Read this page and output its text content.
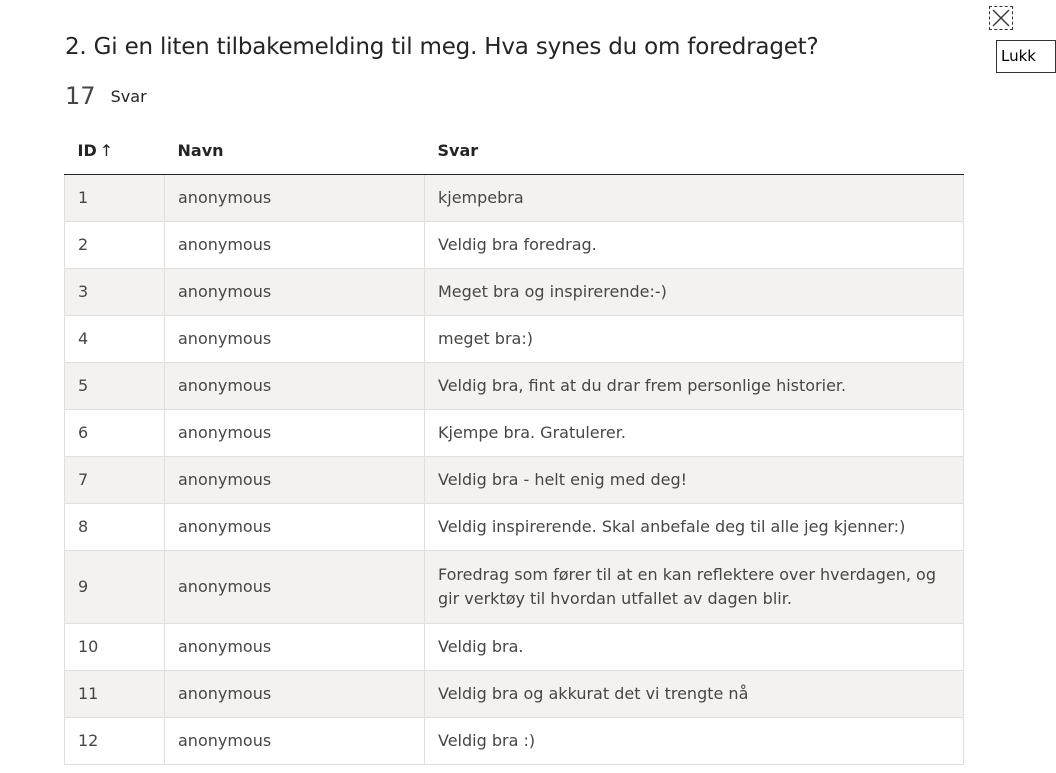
Lukk
2. Gi en liten tilbakemelding til meg. Hva synes du om foredraget?
17 Svar
ID ↑	Navn	Svar
1	anonymous	kjempebra
2	anonymous	Veldig bra foredrag.
3	anonymous	Meget bra og inspirerende:-)
4	anonymous	meget bra:)
5	anonymous	Veldig bra, fint at du drar frem personlige historier.
6	anonymous	Kjempe bra. Gratulerer.
7	anonymous	Veldig bra - helt enig med deg!
8	anonymous	Veldig inspirerende. Skal anbefale deg til alle jeg kjenner:)
9	anonymous	Foredrag som fører til at en kan reflektere over hverdagen, og gir verktøy til hvordan utfallet av dagen blir.
10	anonymous	Veldig bra.
11	anonymous	Veldig bra og akkurat det vi trengte nå
12	anonymous	Veldig bra :)
